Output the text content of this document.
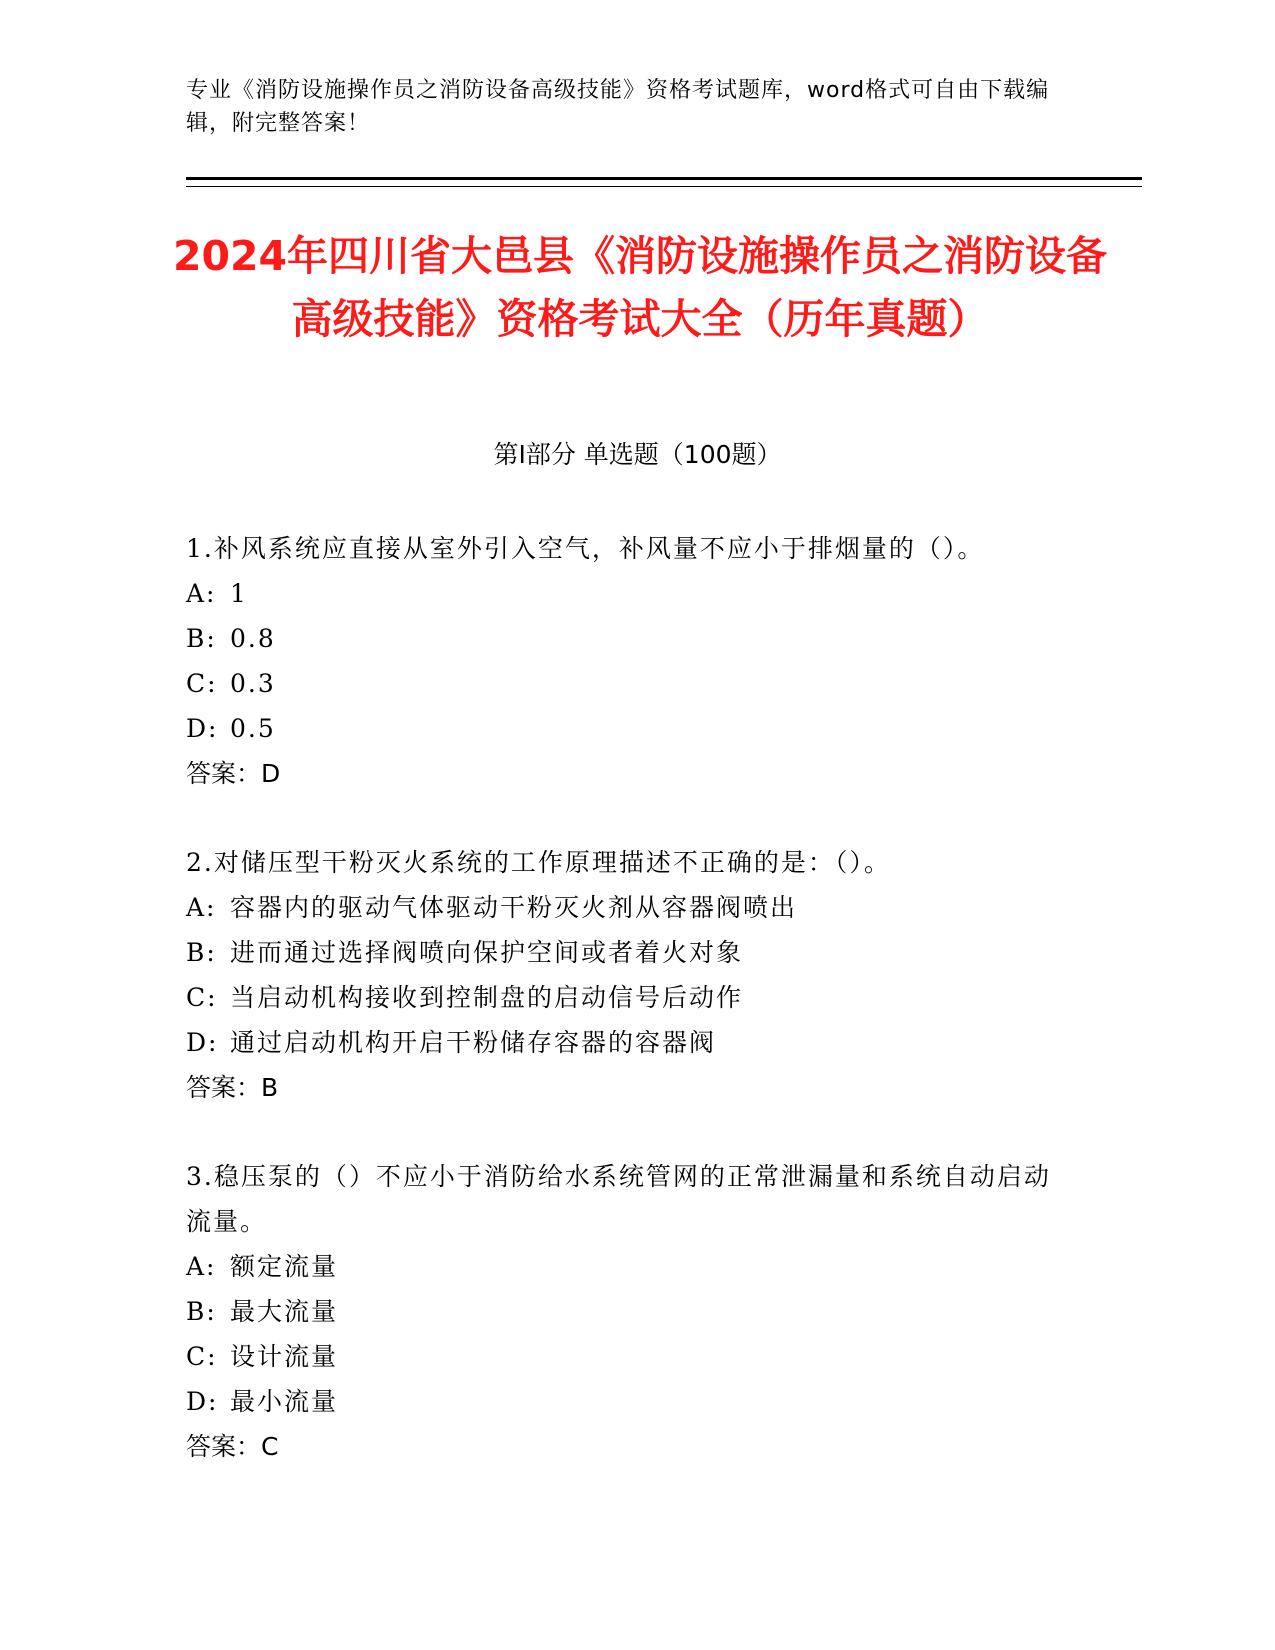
专业《消防设施操作员之消防设备高级技能》资格考试题库，word格式可自由下载编辑，附完整答案！
2024年四川省大邑县《消防设施操作员之消防设备高级技能》资格考试大全（历年真题）
第I部分 单选题（100题）
1.补风系统应直接从室外引入空气，补风量不应小于排烟量的（）。
A: 1
B: 0.8
C: 0.3
D: 0.5
答案：D
2.对储压型干粉灭火系统的工作原理描述不正确的是：（）。
A: 容器内的驱动气体驱动干粉灭火剂从容器阀喷出
B: 进而通过选择阀喷向保护空间或者着火对象
C: 当启动机构接收到控制盘的启动信号后动作
D: 通过启动机构开启干粉储存容器的容器阀
答案：B
3.稳压泵的（）不应小于消防给水系统管网的正常泄漏量和系统自动启动流量。
A: 额定流量
B: 最大流量
C: 设计流量
D: 最小流量
答案：C
